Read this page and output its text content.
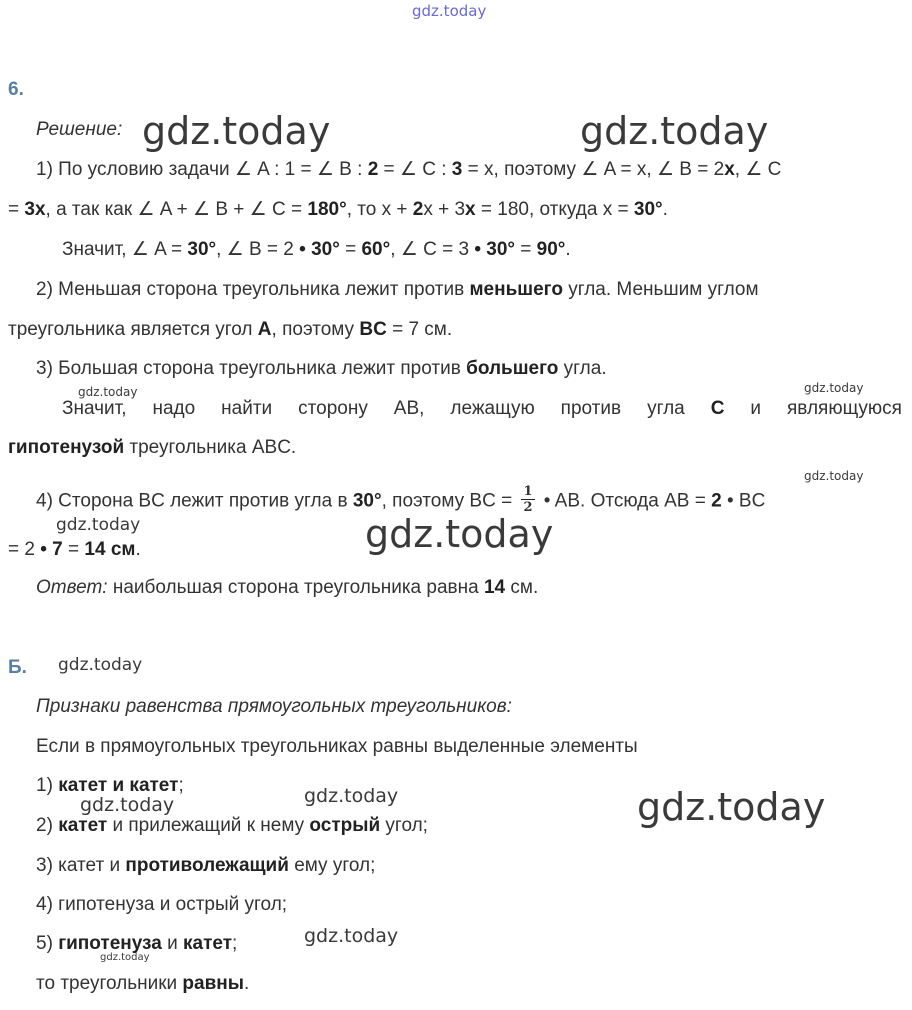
gdz.today
gdz.today	gdz.today
gdz.today	gdz.today
gdz.today
gdz.today	gdz.today
gdz.today
gdz.today	gdz.today	gdz.today
gdz.today
gdz.today
6.
Решение:
1) По условию задачи ∠ A : 1 = ∠ B : 2 = ∠ C : 3 = x, поэтому ∠ A = x, ∠ B = 2x, ∠ C
= 3x, а так как ∠ A + ∠ B + ∠ C = 180°, то x + 2x + 3x = 180, откуда x = 30°.
Значит, ∠ A = 30°, ∠ B = 2 • 30° = 60°, ∠ C = 3 • 30° = 90°.
2) Меньшая сторона треугольника лежит против меньшего угла. Меньшим углом
треугольника является угол A, поэтому BC = 7 см.
3) Большая сторона треугольника лежит против большего угла.
Значит, надо найти сторону AB, лежащую против угла C и являющуюся
гипотенузой треугольника ABC.
4) Сторона BC лежит против угла в 30°, поэтому BC = $\frac{1}{2}$ • AB. Отсюда AB = 2 • BC
= 2 • 7 = 14 см.
Ответ: наибольшая сторона треугольника равна 14 см.
Б.
Признаки равенства прямоугольных треугольников:
Если в прямоугольных треугольниках равны выделенные элементы
1) катет и катет;
2) катет и прилежащий к нему острый угол;
3) катет и противолежащий ему угол;
4) гипотенуза и острый угол;
5) гипотенуза и катет;
то треугольники равны.
